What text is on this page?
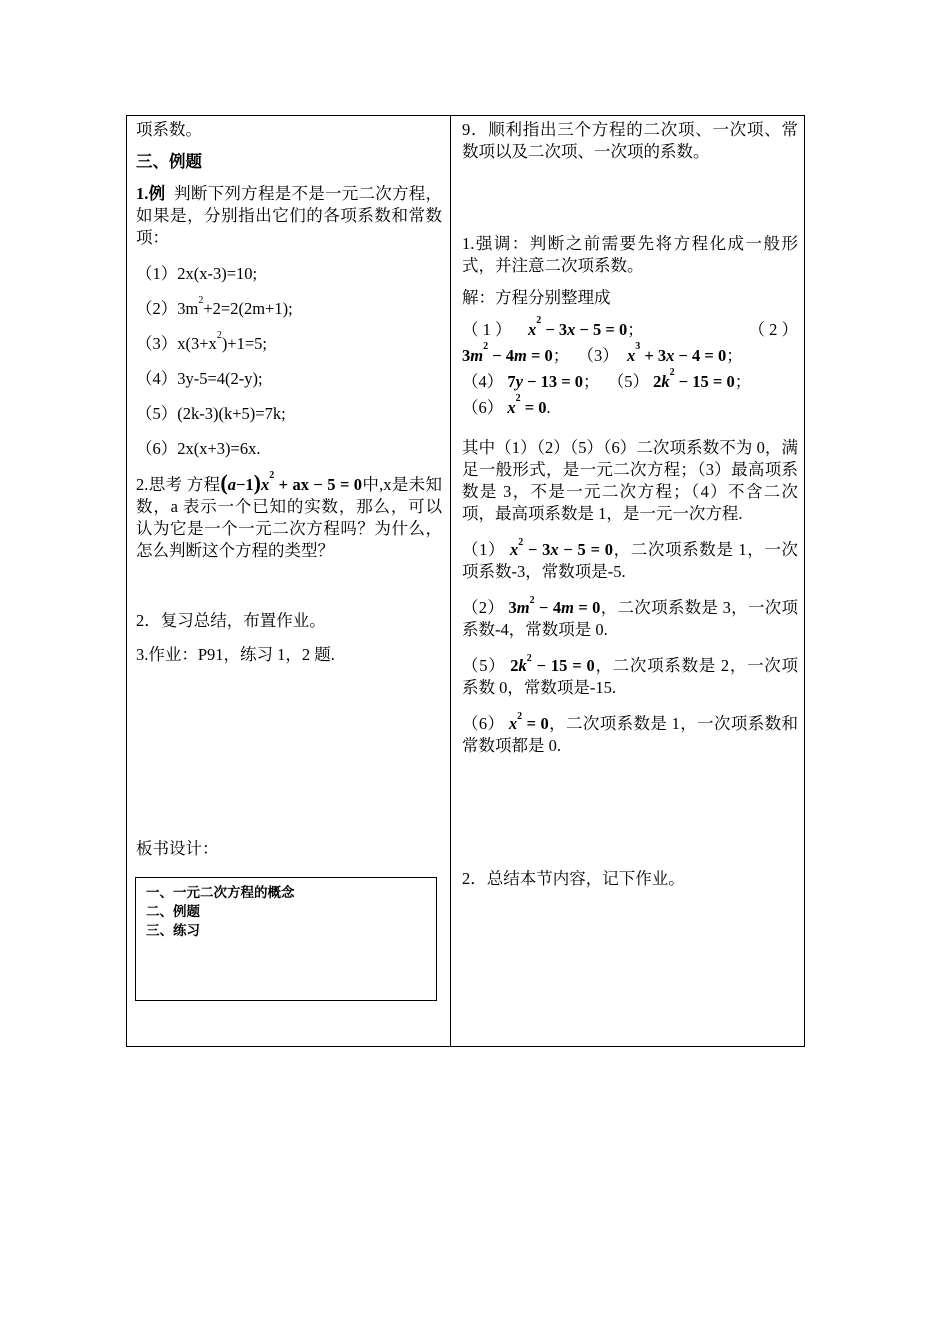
项系数。

三、例题

1.例 判断下列方程是不是一元二次方程，如果是，分别指出它们的各项系数和常数项：

（1）2x(x-3)=10;

$(2)3m^2+2=2(2m+1)$;

$(3)x(3+x^2)+1=5$;

（4）3y-5=4(2-y);

（5）(2k-3)(k+5)=7k;

（6）2x(x+3)=6x.

2.思考 方程$(a-1)x^2$ + ax − 5 = 0中,x是未知数，a 表示一个已知的实数，那么，可以认为它是一个一元二次方程吗？为什么，怎么判断这个方程的类型？

2．复习总结，布置作业。

3.作业：P91，练习 1，2 题.

板书设计：

一、一元二次方程的概念
二、例题
三、练习

9．顺利指出三个方程的二次项、一次项、常数项以及二次项、一次项的系数。

1.强调：判断之前需要先将方程化成一般形式，并注意二次项系数。

解：方程分别整理成

（ 1 ） $x^2 - 3x - 5 = 0$；	（ 2 ）
$3m^2 - 4m = 0$； （3） $x^3 + 3x - 4 = 0$；
（4） 7y − 13 = 0； （5） $2k^2 - 15 = 0$；
（6） $x^2 = 0$.

其中（1）（2）（5）（6）二次项系数不为 0，满足一般形式，是一元二次方程；（3）最高项系数是 3，不是一元二次方程；（4）不含二次项，最高项系数是 1，是一元一次方程.

（1） $x^2 - 3x - 5 = 0$，二次项系数是 1，一次项系数-3，常数项是-5.

（2） $3m^2 - 4m = 0$，二次项系数是 3，一次项系数-4，常数项是 0.

（5） $2k^2 - 15 = 0$，二次项系数是 2，一次项系数 0，常数项是-15.

（6） $x^2 = 0$，二次项系数是 1，一次项系数和常数项都是 0.

2．总结本节内容，记下作业。
